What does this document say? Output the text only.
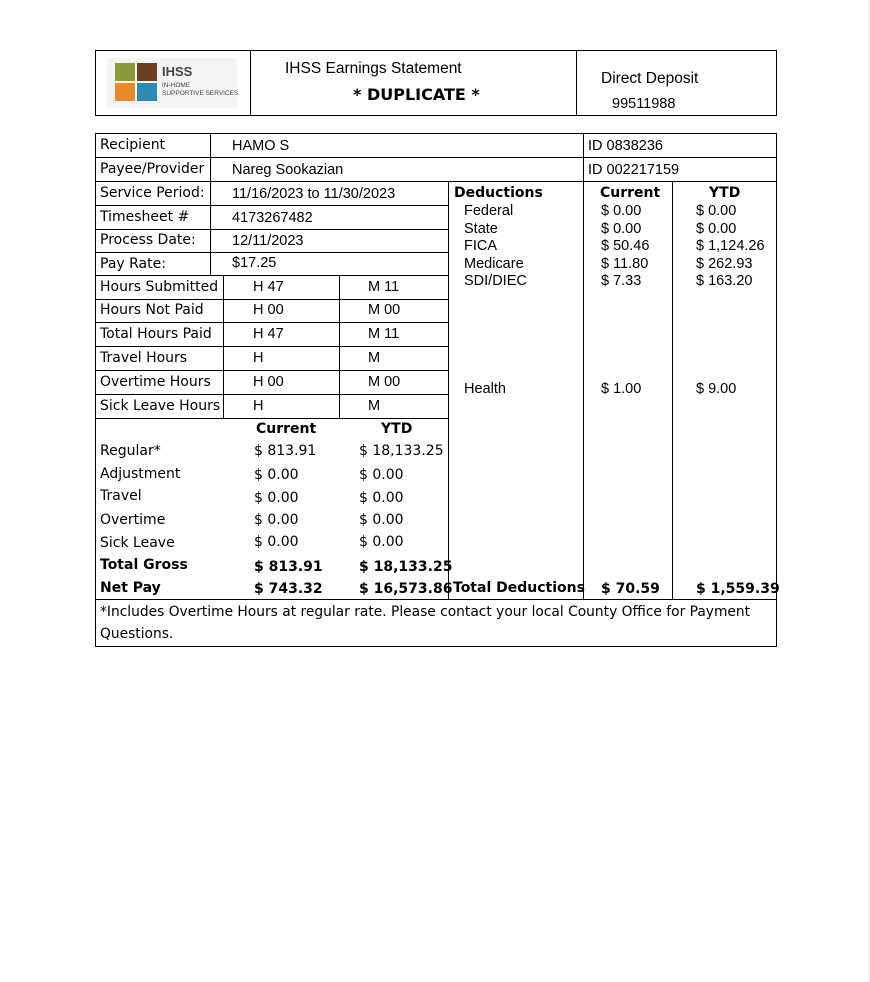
IHSS
IN-HOME
SUPPORTIVE SERVICES
IHSS Earnings Statement
* DUPLICATE *
Direct Deposit
99511988
Recipient	HAMO S	ID 0838236
Payee/Provider Nareg Sookazian	ID 002217159
Service Period: 11/16/2023 to 11/30/2023
Timesheet #	4173267482
Process Date:	12/11/2023
Pay Rate:	$17.25
Hours Submitted H 47	M 11
Hours Not Paid	H 00	M 00
Total Hours Paid	H 47	M 11
Travel Hours	H	M
Overtime Hours	H 00	M 00
Sick Leave Hours H	M
Current	YTD
Regular*	$ 813.91	$ 18,133.25
Adjustment	$ 0.00	$ 0.00
Travel	$ 0.00	$ 0.00
Overtime	$ 0.00	$ 0.00
Sick Leave	$ 0.00	$ 0.00
Total Gross	$ 813.91	$ 18,133.25
Net Pay	$ 743.32	$ 16,573.86
Deductions	Current	YTD
Federal	$ 0.00	$ 0.00
State	$ 0.00	$ 0.00
FICA	$ 50.46	$ 1,124.26
Medicare	$ 11.80	$ 262.93
SDI/DIEC	$ 7.33	$ 163.20
Health	$ 1.00	$ 9.00
Total Deductions $ 70.59	$ 1,559.39
*Includes Overtime Hours at regular rate. Please contact your local County Office for Payment
Questions.
